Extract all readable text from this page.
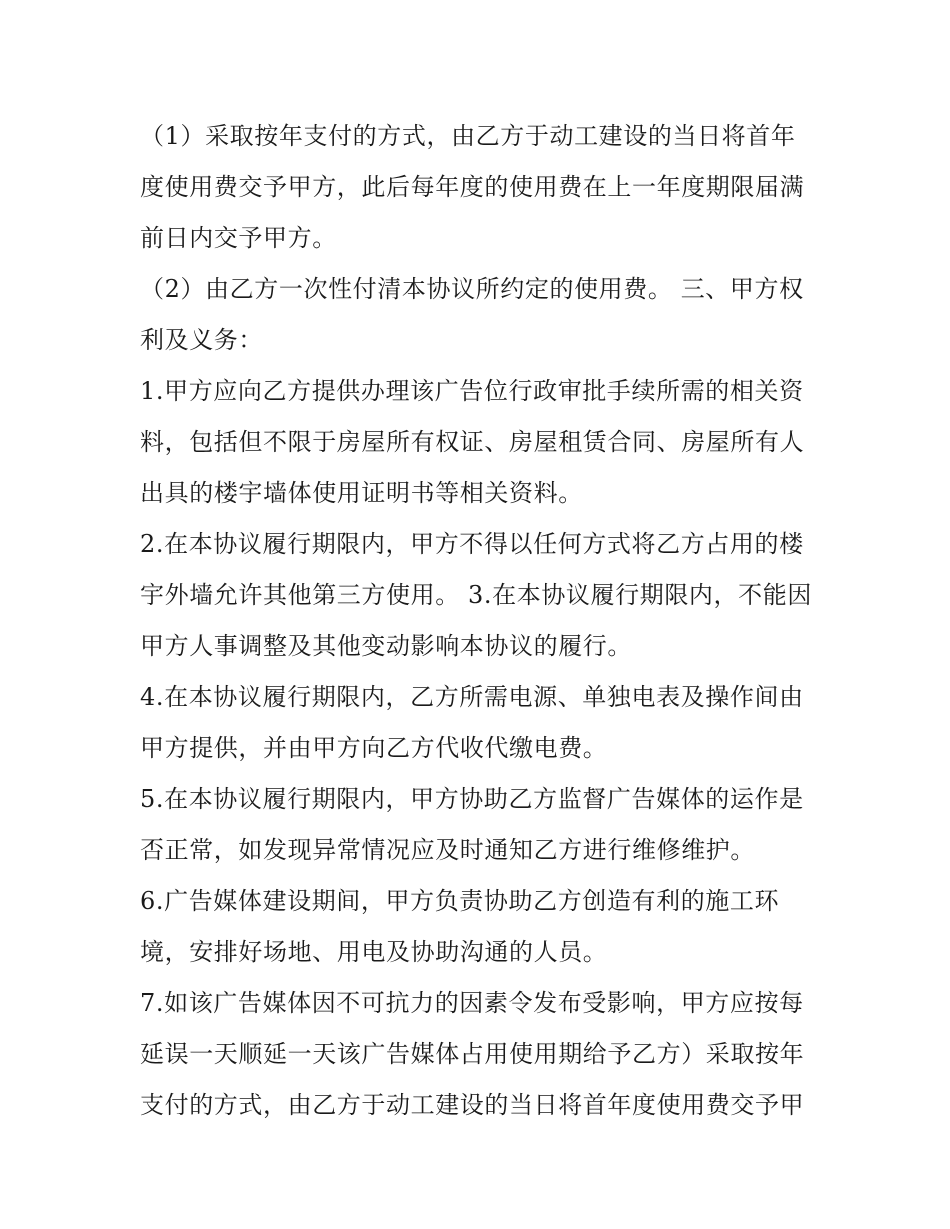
（1）采取按年支付的方式，由乙方于动工建设的当日将首年
度使用费交予甲方，此后每年度的使用费在上一年度期限届满
前日内交予甲方。
（2）由乙方一次性付清本协议所约定的使用费。 三、甲方权
利及义务：
1.甲方应向乙方提供办理该广告位行政审批手续所需的相关资
料，包括但不限于房屋所有权证、房屋租赁合同、房屋所有人
出具的楼宇墙体使用证明书等相关资料。
2.在本协议履行期限内，甲方不得以任何方式将乙方占用的楼
宇外墙允许其他第三方使用。 3.在本协议履行期限内，不能因
甲方人事调整及其他变动影响本协议的履行。
4.在本协议履行期限内，乙方所需电源、单独电表及操作间由
甲方提供，并由甲方向乙方代收代缴电费。
5.在本协议履行期限内，甲方协助乙方监督广告媒体的运作是
否正常，如发现异常情况应及时通知乙方进行维修维护。
6.广告媒体建设期间，甲方负责协助乙方创造有利的施工环
境，安排好场地、用电及协助沟通的人员。
7.如该广告媒体因不可抗力的因素令发布受影响，甲方应按每
延误一天顺延一天该广告媒体占用使用期给予乙方）采取按年
支付的方式，由乙方于动工建设的当日将首年度使用费交予甲
